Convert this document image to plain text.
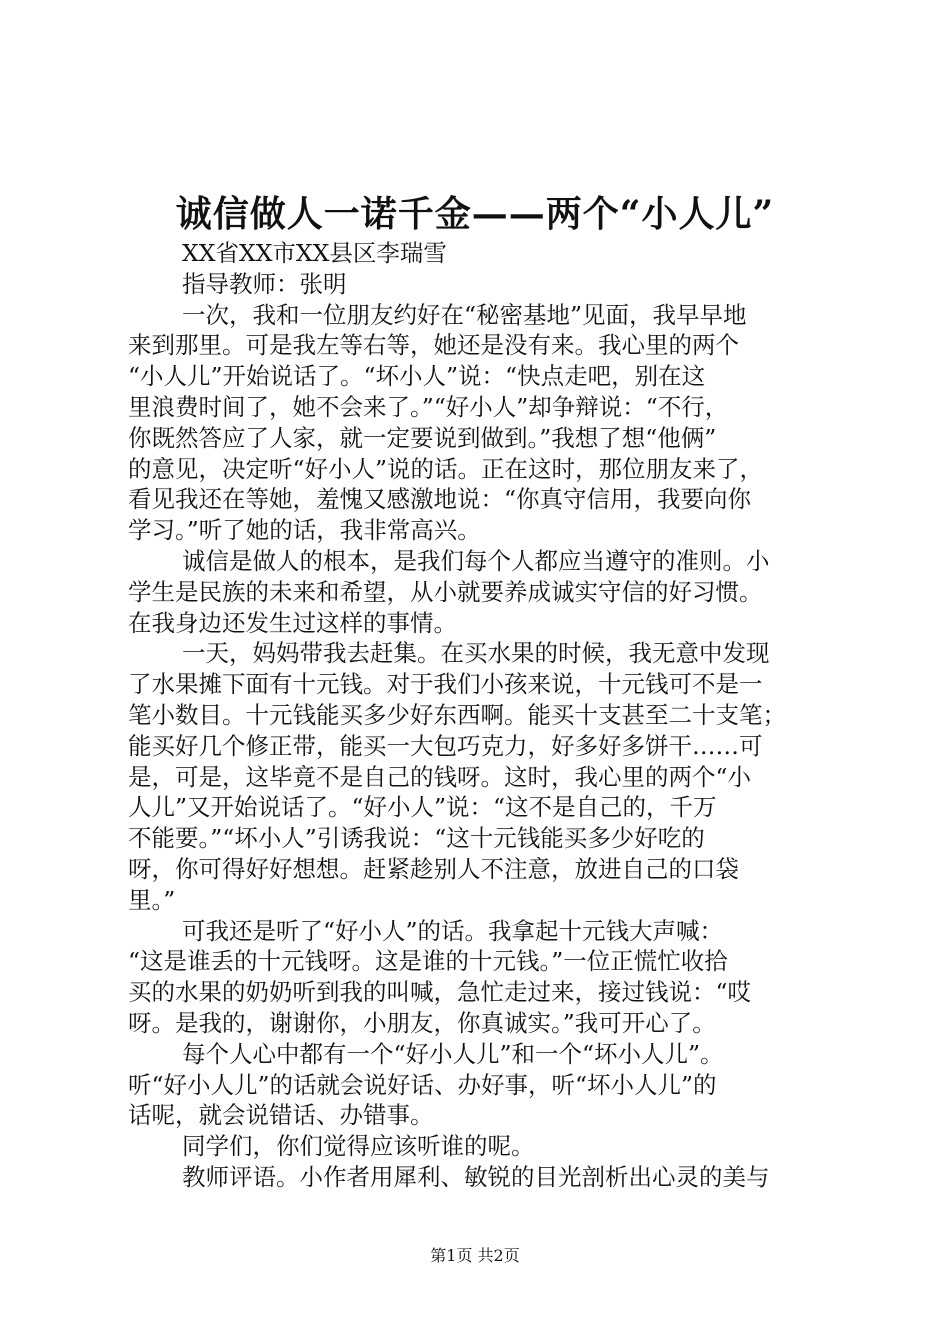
诚信做人一诺千金——两个“小人儿”
XX省XX市XX县区李瑞雪
指导教师：张明
一次，我和一位朋友约好在“秘密基地”见面，我早早地
来到那里。可是我左等右等，她还是没有来。我心里的两个
“小人儿”开始说话了。“坏小人”说：“快点走吧，别在这
里浪费时间了，她不会来了。”“好小人”却争辩说：“不行，
你既然答应了人家，就一定要说到做到。”我想了想“他俩”
的意见，决定听“好小人”说的话。正在这时，那位朋友来了，
看见我还在等她，羞愧又感激地说：“你真守信用，我要向你
学习。”听了她的话，我非常高兴。
诚信是做人的根本，是我们每个人都应当遵守的准则。小
学生是民族的未来和希望，从小就要养成诚实守信的好习惯。
在我身边还发生过这样的事情。
一天，妈妈带我去赶集。在买水果的时候，我无意中发现
了水果摊下面有十元钱。对于我们小孩来说，十元钱可不是一
笔小数目。十元钱能买多少好东西啊。能买十支甚至二十支笔；
能买好几个修正带，能买一大包巧克力，好多好多饼干……可
是，可是，这毕竟不是自己的钱呀。这时，我心里的两个“小
人儿”又开始说话了。“好小人”说：“这不是自己的，千万
不能要。”“坏小人”引诱我说：“这十元钱能买多少好吃的
呀，你可得好好想想。赶紧趁别人不注意，放进自己的口袋
里。”
可我还是听了“好小人”的话。我拿起十元钱大声喊：
“这是谁丢的十元钱呀。这是谁的十元钱。”一位正慌忙收拾
买的水果的奶奶听到我的叫喊，急忙走过来，接过钱说：“哎
呀。是我的，谢谢你，小朋友，你真诚实。”我可开心了。
每个人心中都有一个“好小人儿”和一个“坏小人儿”。
听“好小人儿”的话就会说好话、办好事，听“坏小人儿”的
话呢，就会说错话、办错事。
同学们，你们觉得应该听谁的呢。
教师评语。小作者用犀利、敏锐的目光剖析出心灵的美与
第1页 共2页
